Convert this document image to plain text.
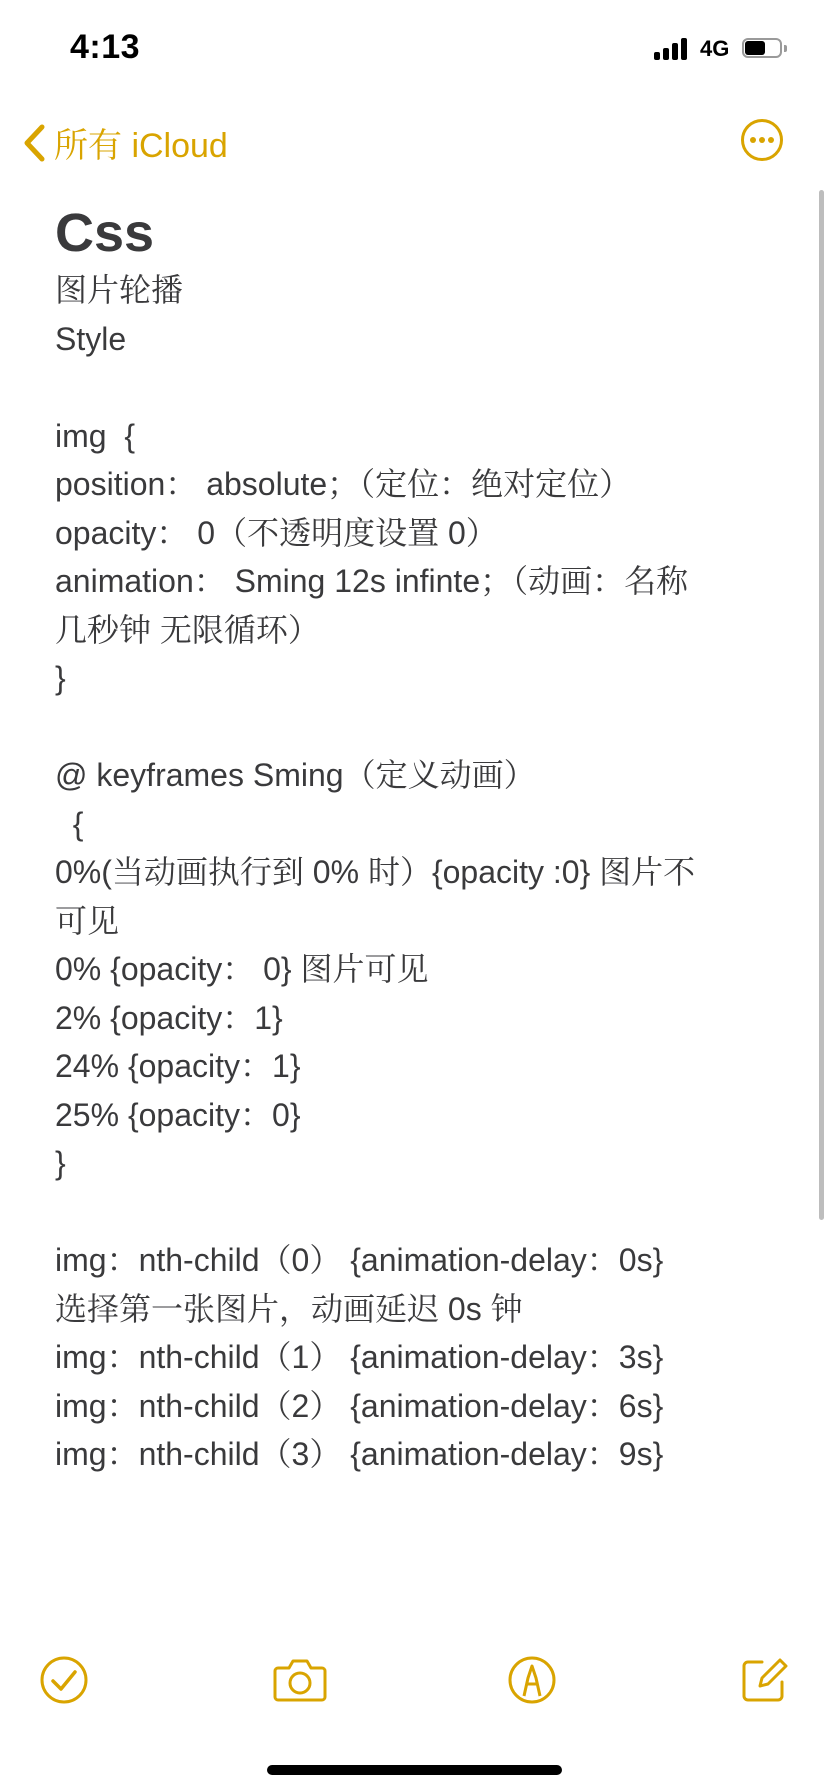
4:13	4G
所有 iCloud
Css
图片轮播
Style
img  {
position： absolute；（定位：绝对定位）
opacity： 0（不透明度设置 0）
animation： Sming 12s infinte；（动画：名称
几秒钟 无限循环）
}
@ keyframes Sming（定义动画）
{
0%(当动画执行到 0% 时）{opacity :0} 图片不
可见
0% {opacity： 0} 图片可见
2% {opacity：1}
24% {opacity：1}
25% {opacity：0}
}
img：nth-child（0） {animation-delay：0s}
选择第一张图片，动画延迟 0s 钟
img：nth-child（1） {animation-delay：3s}
img：nth-child（2） {animation-delay：6s}
img：nth-child（3） {animation-delay：9s}
